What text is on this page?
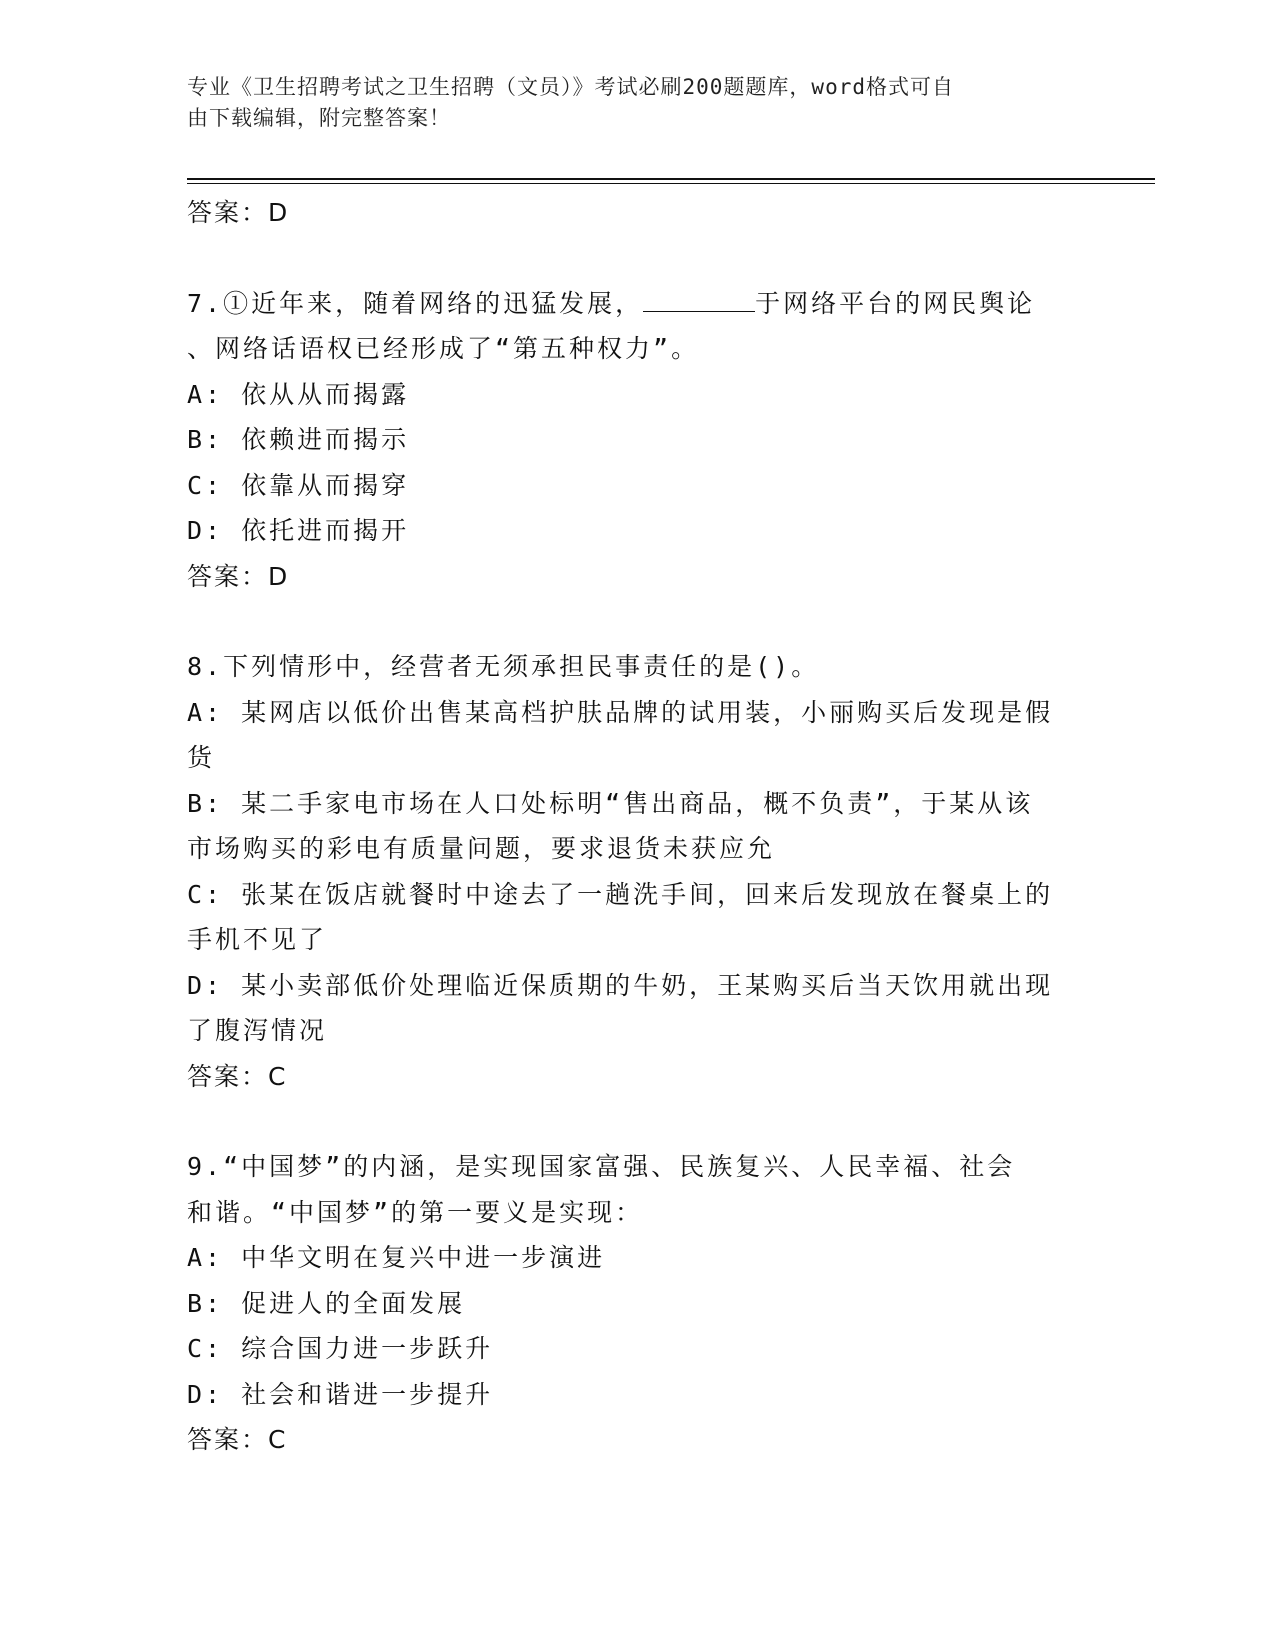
专业《卫生招聘考试之卫生招聘（文员）》考试必刷200题题库，word格式可自
由下载编辑，附完整答案！
答案：D
7.①近年来，随着网络的迅猛发展，	于网络平台的网民舆论
、网络话语权已经形成了“第五种权力”。
A: 依从从而揭露
B: 依赖进而揭示
C: 依靠从而揭穿
D: 依托进而揭开
答案：D
8.下列情形中，经营者无须承担民事责任的是()。
A: 某网店以低价出售某高档护肤品牌的试用装，小丽购买后发现是假
货
B: 某二手家电市场在人口处标明“售出商品，概不负责”，于某从该
市场购买的彩电有质量问题，要求退货未获应允
C: 张某在饭店就餐时中途去了一趟洗手间，回来后发现放在餐桌上的
手机不见了
D: 某小卖部低价处理临近保质期的牛奶，王某购买后当天饮用就出现
了腹泻情况
答案：C
9.“中国梦”的内涵，是实现国家富强、民族复兴、人民幸福、社会
和谐。“中国梦”的第一要义是实现：
A: 中华文明在复兴中进一步演进
B: 促进人的全面发展
C: 综合国力进一步跃升
D: 社会和谐进一步提升
答案：C
